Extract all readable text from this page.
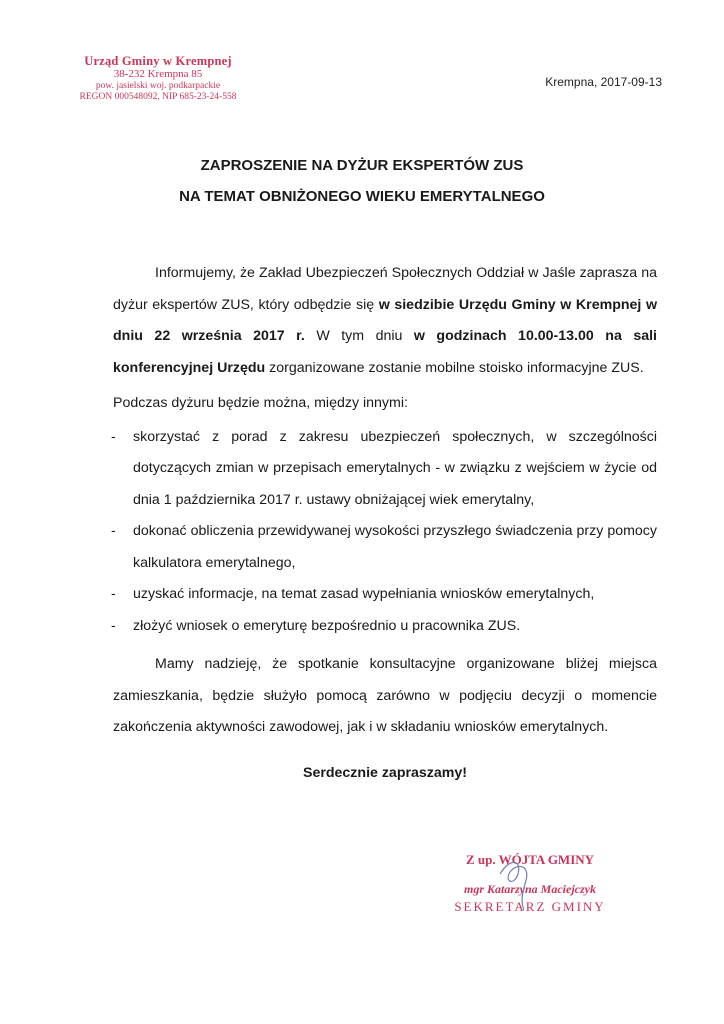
Urząd Gminy w Krempnej
38-232 Krempna 85
pow. jasielski woj. podkarpackie
REGON 000548092, NIP 685-23-24-558
Krempna, 2017-09-13
ZAPROSZENIE NA DYŻUR EKSPERTÓW ZUS
NA TEMAT OBNIŻONEGO WIEKU EMERYTALNEGO

Informujemy, że Zakład Ubezpieczeń Społecznych Oddział w Jaśle zaprasza na dyżur ekspertów ZUS, który odbędzie się w siedzibie Urzędu Gminy w Krempnej w dniu 22 września 2017 r. W tym dniu w godzinach 10.00-13.00 na sali konferencyjnej Urzędu zorganizowane zostanie mobilne stoisko informacyjne ZUS.

Podczas dyżuru będzie można, między innymi:

- skorzystać z porad z zakresu ubezpieczeń społecznych, w szczególności dotyczących zmian w przepisach emerytalnych - w związku z wejściem w życie od dnia 1 października 2017 r. ustawy obniżającej wiek emerytalny,
- dokonać obliczenia przewidywanej wysokości przyszłego świadczenia przy pomocy kalkulatora emerytalnego,
- uzyskać informacje, na temat zasad wypełniania wniosków emerytalnych,
- złożyć wniosek o emeryturę bezpośrednio u pracownika ZUS.

Mamy nadzieję, że spotkanie konsultacyjne organizowane bliżej miejsca zamieszkania, będzie służyło pomocą zarówno w podjęciu decyzji o momencie zakończenia aktywności zawodowej, jak i w składaniu wniosków emerytalnych.

Serdecznie zapraszamy!

Z up. WÓJTA GMINY
mgr Katarzyna Maciejczyk
SEKRETARZ GMINY
